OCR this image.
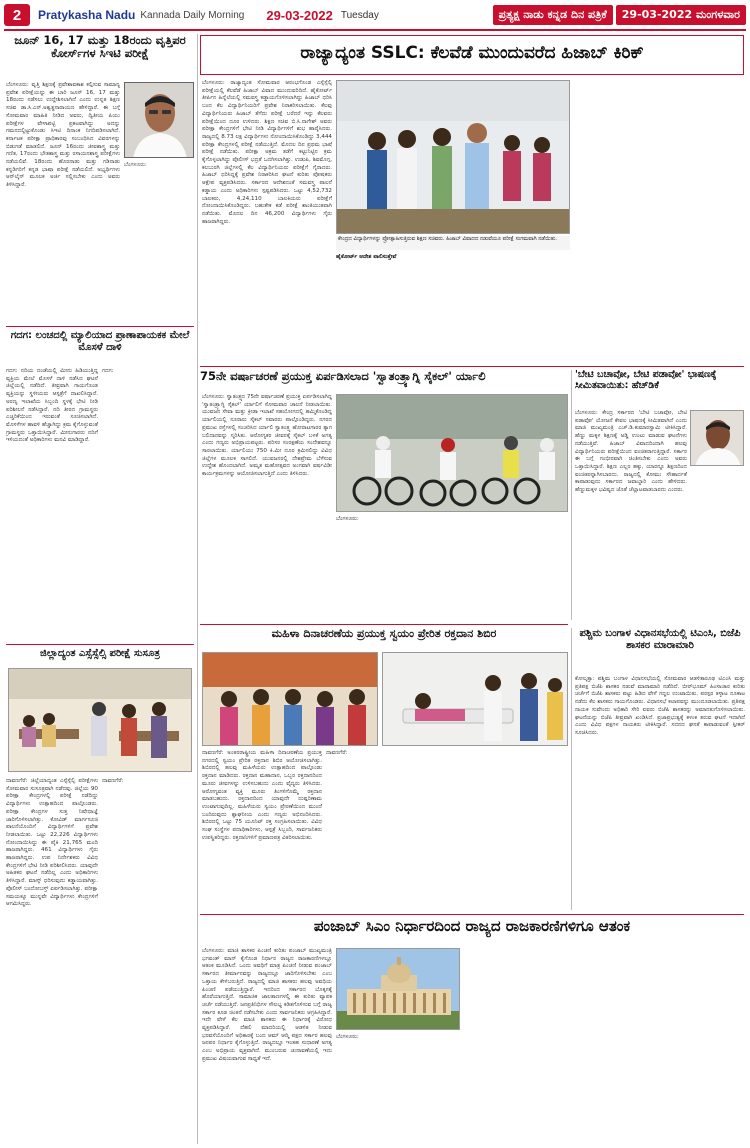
2	Pratykasha Nadu Kannada Daily Morning 29-03-2022 Tuesday	ಪ್ರತ್ಯಕ್ಷ ನಾಡು ಕನ್ನಡ ದಿನ ಪತ್ರಿಕೆ	29-03-2022 ಮಂಗಳವಾರ
ಜೂನ್ 16, 17 ಮತ್ತು 18ರಂದು ವೃತ್ತಿಪರ ಕೋರ್ಸ್‌ಗಳ ಸಿಇಟಿ ಪರೀಕ್ಷೆ
ಬೆಂಗಳೂರು: ವೃತ್ತಿ ಶಿಕ್ಷಣಕ್ಕೆ ಪ್ರವೇಶಾವಕಾಶ ಕಲ್ಪಿಸುವ ಸಾಮಾನ್ಯ ಪ್ರವೇಶ ಪರೀಕ್ಷೆಯನ್ನು ಈ ಬಾರಿ ಜೂನ್ 16, 17 ಮತ್ತು 18ರಂದು ನಡೆಸಲು ಉದ್ದೇಶಿಸಲಾಗಿದೆ ಎಂದು ಉನ್ನತ ಶಿಕ್ಷಣ ಸಚಿವ ಡಾ.ಸಿ.ಎನ್.ಅಶ್ವತ್ಥನಾರಾಯಣ ಹೇಳಿದ್ದಾರೆ. ಈ ಬಗ್ಗೆ ಸೋಮವಾರ ಮಾಹಿತಿ ನೀಡಿದ ಅವರು, ದ್ವಿತೀಯ ಪಿಯು ಪರೀಕ್ಷೆಗಳ ವೇಳಾಪಟ್ಟಿ ಪ್ರಕಟವಾಗಿದ್ದು ಅದನ್ನು ಗಮನದಲ್ಲಿಟ್ಟುಕೊಂಡು ಸಿಇಟಿ ದಿನಾಂಕ ನಿಗದಿಪಡಿಸಲಾಗಿದೆ. ಕರ್ನಾಟಕ ಪರೀಕ್ಷಾ ಪ್ರಾಧಿಕಾರವು ಸಂಬಂಧಿಸಿದ ವಿವರಗಳನ್ನು ಬಿಡುಗಡೆ ಮಾಡಲಿದೆ. ಜೂನ್ 16ರಂದು ಜೀವಶಾಸ್ತ್ರ ಮತ್ತು ಗಣಿತ, 17ರಂದು ಭೌತಶಾಸ್ತ್ರ ಮತ್ತು ರಸಾಯನಶಾಸ್ತ್ರ ಪರೀಕ್ಷೆಗಳು ನಡೆಯಲಿವೆ. 18ರಂದು ಹೊರನಾಡು ಮತ್ತು ಗಡಿನಾಡು ಕನ್ನಡಿಗರಿಗೆ ಕನ್ನಡ ಭಾಷಾ ಪರೀಕ್ಷೆ ನಡೆಯಲಿದೆ. ಅಭ್ಯರ್ಥಿಗಳು ಆನ್‌ಲೈನ್ ಮೂಲಕ ಅರ್ಜಿ ಸಲ್ಲಿಸಬೇಕು ಎಂದು ಅವರು ತಿಳಿಸಿದ್ದಾರೆ.
ಬೆಂಗಳೂರು:
ಗದಗ: ಲಂಚದಲ್ಲಿ ಮ್ಯಾಲಿಯಾದ ಪ್ರಾಣಾಪಾಯಕಕ ಮೇಲೆ ಮೊಸಳೆ ದಾಳಿ
ಗದಗ: ನದಿಯ ದಂಡೆಯಲ್ಲಿ ಮೀನು ಹಿಡಿಯುತ್ತಿದ್ದ ವ್ಯಕ್ತಿಯ ಮೇಲೆ ಮೊಸಳೆ ದಾಳಿ ನಡೆಸಿದ ಘಟನೆ ಜಿಲ್ಲೆಯಲ್ಲಿ ನಡೆದಿದೆ. ತೀವ್ರವಾಗಿ ಗಾಯಗೊಂಡ ವ್ಯಕ್ತಿಯನ್ನು ಸ್ಥಳೀಯರು ಆಸ್ಪತ್ರೆಗೆ ದಾಖಲಿಸಿದ್ದಾರೆ. ಅರಣ್ಯ ಇಲಾಖೆಯ ಸಿಬ್ಬಂದಿ ಸ್ಥಳಕ್ಕೆ ಭೇಟಿ ನೀಡಿ ಪರಿಶೀಲನೆ ನಡೆಸಿದ್ದಾರೆ. ನದಿ ತೀರದ ಗ್ರಾಮಸ್ಥರು ಎಚ್ಚರಿಕೆಯಿಂದ ಇರುವಂತೆ ಸೂಚಿಸಲಾಗಿದೆ. ಮೊಸಳೆಗಳ ಹಾವಳಿ ಹೆಚ್ಚಾಗಿದ್ದು ಕ್ರಮ ಕೈಗೊಳ್ಳುವಂತೆ ಗ್ರಾಮಸ್ಥರು ಒತ್ತಾಯಿಸಿದ್ದಾರೆ. ಮೀನುಗಾರರು ನದಿಗೆ ಇಳಿಯದಂತೆ ಅಧಿಕಾರಿಗಳು ಮನವಿ ಮಾಡಿದ್ದಾರೆ.
ಗದಗ:
ಜಿಲ್ಲಾದ್ಯಂತ ಎಸ್ಸೆಸ್ಸೆಲ್ಸಿ ಪರೀಕ್ಷೆ ಸುಸೂತ್ರ
ದಾವಣಗೆರೆ: ಜಿಲ್ಲೆಯಾದ್ಯಂತ ಎಸ್ಸೆಸ್ಸೆಲ್ಸಿ ಪರೀಕ್ಷೆಗಳು ಸೋಮವಾರ ಸುಸೂತ್ರವಾಗಿ ನಡೆದವು. ಜಿಲ್ಲೆಯ 90 ಪರೀಕ್ಷಾ ಕೇಂದ್ರಗಳಲ್ಲಿ ಪರೀಕ್ಷೆ ನಡೆದಿದ್ದು ವಿದ್ಯಾರ್ಥಿಗಳು ಉತ್ಸಾಹದಿಂದ ಪಾಲ್ಗೊಂಡರು. ಪರೀಕ್ಷಾ ಕೇಂದ್ರಗಳ ಸುತ್ತ ನಿಷೇಧಾಜ್ಞೆ ಜಾರಿಗೊಳಿಸಲಾಗಿತ್ತು. ಕೋವಿಡ್ ಮಾರ್ಗಸೂಚಿ ಪಾಲನೆಯೊಂದಿಗೆ ವಿದ್ಯಾರ್ಥಿಗಳಿಗೆ ಪ್ರವೇಶ ನೀಡಲಾಯಿತು. ಒಟ್ಟು 22,226 ವಿದ್ಯಾರ್ಥಿಗಳು ನೋಂದಾಯಿಸಿದ್ದು ಈ ಪೈಕಿ 21,765 ಮಂದಿ ಹಾಜರಾಗಿದ್ದರು. 461 ವಿದ್ಯಾರ್ಥಿಗಳು ಗೈರು ಹಾಜರಾಗಿದ್ದರು. ಉಪ ನಿರ್ದೇಶಕರು ವಿವಿಧ ಕೇಂದ್ರಗಳಿಗೆ ಭೇಟಿ ನೀಡಿ ಪರಿಶೀಲಿಸಿದರು. ಯಾವುದೇ ಅಹಿತಕರ ಘಟನೆ ನಡೆದಿಲ್ಲ ಎಂದು ಅಧಿಕಾರಿಗಳು ತಿಳಿಸಿದ್ದಾರೆ. ಮಾಸ್ಕ್ ಧರಿಸುವುದು ಕಡ್ಡಾಯವಾಗಿತ್ತು. ಪೊಲೀಸ್ ಬಂದೋಬಸ್ತ್ ಏರ್ಪಡಿಸಲಾಗಿತ್ತು. ಪರೀಕ್ಷಾ ಸಮಯಕ್ಕೂ ಮುನ್ನವೇ ವಿದ್ಯಾರ್ಥಿಗಳು ಕೇಂದ್ರಗಳಿಗೆ ಆಗಮಿಸಿದ್ದರು.
ದಾವಣಗೆರೆ:
ರಾಜ್ಯಾದ್ಯಂತ SSLC: ಕೆಲವೆಡೆ ಮುಂದುವರೆದ ಹಿಜಾಬ್ ಕಿರಿಕ್
ಬೆಂಗಳೂರು: ರಾಜ್ಯಾದ್ಯಂತ ಸೋಮವಾರ ಆರಂಭಗೊಂಡ ಎಸ್ಸೆಸ್ಸೆಲ್ಸಿ ಪರೀಕ್ಷೆಯಲ್ಲಿ ಕೆಲವೆಡೆ ಹಿಜಾಬ್ ವಿವಾದ ಮುಂದುವರಿದಿದೆ. ಹೈಕೋರ್ಟ್ ತೀರ್ಪಿನ ಹಿನ್ನೆಲೆಯಲ್ಲಿ ಸಮವಸ್ತ್ರ ಕಡ್ಡಾಯಗೊಳಿಸಲಾಗಿದ್ದು ಹಿಜಾಬ್ ಧರಿಸಿ ಬಂದ ಕೆಲ ವಿದ್ಯಾರ್ಥಿನಿಯರಿಗೆ ಪ್ರವೇಶ ನಿರಾಕರಿಸಲಾಯಿತು. ಕೆಲವು ವಿದ್ಯಾರ್ಥಿನಿಯರು ಹಿಜಾಬ್ ತೆಗೆದು ಪರೀಕ್ಷೆ ಬರೆದರೆ ಇನ್ನು ಕೆಲವರು ಪರೀಕ್ಷೆಯಿಂದ ದೂರ ಉಳಿದರು. ಶಿಕ್ಷಣ ಸಚಿವ ಬಿ.ಸಿ.ನಾಗೇಶ್ ಅವರು ಪರೀಕ್ಷಾ ಕೇಂದ್ರಗಳಿಗೆ ಭೇಟಿ ನೀಡಿ ವಿದ್ಯಾರ್ಥಿಗಳಿಗೆ ಶುಭ ಹಾರೈಸಿದರು. ರಾಜ್ಯದಲ್ಲಿ 8.73 ಲಕ್ಷ ವಿದ್ಯಾರ್ಥಿಗಳು ನೋಂದಾಯಿಸಿಕೊಂಡಿದ್ದು 3,444 ಪರೀಕ್ಷಾ ಕೇಂದ್ರಗಳಲ್ಲಿ ಪರೀಕ್ಷೆ ನಡೆಯುತ್ತಿದೆ. ಮೊದಲ ದಿನ ಪ್ರಥಮ ಭಾಷೆ ಪರೀಕ್ಷೆ ನಡೆಯಿತು. ಪರೀಕ್ಷಾ ಅಕ್ರಮ ತಡೆಗೆ ಕಟ್ಟುನಿಟ್ಟಿನ ಕ್ರಮ ಕೈಗೊಳ್ಳಲಾಗಿದ್ದು ಪೊಲೀಸ್ ಭದ್ರತೆ ಒದಗಿಸಲಾಗಿತ್ತು. ಉಡುಪಿ, ಶಿವಮೊಗ್ಗ, ಕಲಬುರಗಿ ಜಿಲ್ಲೆಗಳಲ್ಲಿ ಕೆಲ ವಿದ್ಯಾರ್ಥಿನಿಯರು ಪರೀಕ್ಷೆಗೆ ಗೈರಾದರು. ಹಿಜಾಬ್ ಧರಿಸಿದ್ದಕ್ಕೆ ಪ್ರವೇಶ ನಿರಾಕರಿಸಿದ ಘಟನೆ ಕುರಿತು ಪೋಷಕರು ಆಕ್ಷೇಪ ವ್ಯಕ್ತಪಡಿಸಿದರು. ಸರ್ಕಾರದ ಆದೇಶದಂತೆ ಸಮವಸ್ತ್ರ ಪಾಲನೆ ಕಡ್ಡಾಯ ಎಂದು ಅಧಿಕಾರಿಗಳು ಸ್ಪಷ್ಟಪಡಿಸಿದರು. ಒಟ್ಟು 4,52,732 ಬಾಲಕರು, 4,24,110 ಬಾಲಕಿಯರು ಪರೀಕ್ಷೆಗೆ ನೋಂದಾಯಿಸಿಕೊಂಡಿದ್ದರು. ಬಹುತೇಕ ಕಡೆ ಪರೀಕ್ಷೆ ಶಾಂತಿಯುತವಾಗಿ ನಡೆಯಿತು. ಮೊದಲ ದಿನ 46,200 ವಿದ್ಯಾರ್ಥಿಗಳು ಗೈರು ಹಾಜರಾಗಿದ್ದರು.
ಕೇಂದ್ರದ ವಿದ್ಯಾರ್ಥಿಗಳನ್ನು ಪ್ರೋತ್ಸಾಹಿಸುತ್ತಿರುವ ಶಿಕ್ಷಣ ಸಚಿವರು. ಹಿಜಾಬ್ ವಿವಾದದ ನಡುವೆಯೂ ಪರೀಕ್ಷೆ ಸುಗಮವಾಗಿ ನಡೆಯಿತು.
ಹೈಕೋರ್ಟ್ ಆದೇಶ ಪಾಲಿಸುತ್ತೇವೆ
75ನೇ ವರ್ಷಾಚರಣೆ ಪ್ರಯುಕ್ತ ಏರ್ಪಡಿಸಲಾದ 'ಸ್ವಾತಂತ್ರ್ಯಾಗ್ನಿ ಸೈಕಲ್' ರ್ಯಾಲಿ
ಬೆಂಗಳೂರು: ಸ್ವಾತಂತ್ರ್ಯದ 75ನೇ ವರ್ಷಾಚರಣೆ ಪ್ರಯುಕ್ತ ಏರ್ಪಡಿಸಲಾಗಿದ್ದ 'ಸ್ವಾತಂತ್ರ್ಯಾಗ್ನಿ ಸೈಕಲ್' ರ್ಯಾಲಿಗೆ ಸೋಮವಾರ ಚಾಲನೆ ನೀಡಲಾಯಿತು. ಯುವಜನ ಸೇವಾ ಮತ್ತು ಕ್ರೀಡಾ ಇಲಾಖೆ ಸಹಯೋಗದಲ್ಲಿ ಹಮ್ಮಿಕೊಂಡಿದ್ದ ರ್ಯಾಲಿಯಲ್ಲಿ ನೂರಾರು ಸೈಕಲ್ ಸವಾರರು ಪಾಲ್ಗೊಂಡಿದ್ದರು. ನಗರದ ಪ್ರಮುಖ ರಸ್ತೆಗಳಲ್ಲಿ ಸಂಚರಿಸಿದ ರ್ಯಾಲಿ ಸ್ವಾತಂತ್ರ್ಯ ಹೋರಾಟಗಾರರ ತ್ಯಾಗ ಬಲಿದಾನವನ್ನು ಸ್ಮರಿಸಿತು. ಆರೋಗ್ಯಕರ ಜೀವನಕ್ಕೆ ಸೈಕಲ್ ಬಳಕೆ ಅಗತ್ಯ ಎಂದು ಗಣ್ಯರು ಅಭಿಪ್ರಾಯಪಟ್ಟರು. ಪರಿಸರ ಸಂರಕ್ಷಣೆಯ ಸಂದೇಶವನ್ನೂ ಸಾರಲಾಯಿತು. ರ್ಯಾಲಿಯು 750 ಕಿ.ಮೀ ದೂರ ಕ್ರಮಿಸಲಿದ್ದು ವಿವಿಧ ಜಿಲ್ಲೆಗಳ ಮೂಲಕ ಸಾಗಲಿದೆ. ಯುವಜನರಲ್ಲಿ ದೇಶಪ್ರೇಮ ಬೆಳೆಸುವ ಉದ್ದೇಶ ಹೊಂದಲಾಗಿದೆ. ಅಮೃತ ಮಹೋತ್ಸವದ ಅಂಗವಾಗಿ ವರ್ಷವಿಡೀ ಕಾರ್ಯಕ್ರಮಗಳನ್ನು ಆಯೋಜಿಸಲಾಗುತ್ತಿದೆ ಎಂದು ತಿಳಿಸಿದರು.
ಬೆಂಗಳೂರು:
'ಬೇಟಿ ಬಚಾವೋ, ಬೇಟಿ ಪಡಾವೋ' ಭಾಷಣಕ್ಕೆ ಸೀಮಿತವಾಯಿತು: ಹೆಚ್‌ಡಿಕೆ
ಬೆಂಗಳೂರು: ಕೇಂದ್ರ ಸರ್ಕಾರದ 'ಬೇಟಿ ಬಚಾವೋ, ಬೇಟಿ ಪಡಾವೋ' ಯೋಜನೆ ಕೇವಲ ಭಾಷಣಕ್ಕೆ ಸೀಮಿತವಾಗಿದೆ ಎಂದು ಮಾಜಿ ಮುಖ್ಯಮಂತ್ರಿ ಎಚ್.ಡಿ.ಕುಮಾರಸ್ವಾಮಿ ಟೀಕಿಸಿದ್ದಾರೆ. ಹೆಣ್ಣು ಮಕ್ಕಳ ಶಿಕ್ಷಣಕ್ಕೆ ಅಡ್ಡಿ ಉಂಟು ಮಾಡುವ ಘಟನೆಗಳು ನಡೆಯುತ್ತಿವೆ. ಹಿಜಾಬ್ ವಿವಾದದಿಂದಾಗಿ ಹಲವು ವಿದ್ಯಾರ್ಥಿನಿಯರು ಪರೀಕ್ಷೆಯಿಂದ ವಂಚಿತರಾಗುತ್ತಿದ್ದಾರೆ. ಸರ್ಕಾರ ಈ ಬಗ್ಗೆ ಗಂಭೀರವಾಗಿ ಚಿಂತಿಸಬೇಕು ಎಂದು ಅವರು ಒತ್ತಾಯಿಸಿದ್ದಾರೆ. ಶಿಕ್ಷಣ ಎಲ್ಲರ ಹಕ್ಕು, ಯಾರನ್ನೂ ಶಿಕ್ಷಣದಿಂದ ವಂಚಿತರನ್ನಾಗಿಸಬಾರದು. ರಾಜ್ಯದಲ್ಲಿ ಕೋಮು ಸೌಹಾರ್ದತೆ ಕಾಪಾಡುವುದು ಸರ್ಕಾರದ ಜವಾಬ್ದಾರಿ ಎಂದು ಹೇಳಿದರು. ಹೆಣ್ಣುಮಕ್ಕಳ ಭವಿಷ್ಯದ ಜೊತೆ ಚೆಲ್ಲಾಟವಾಡಬಾರದು ಎಂದರು.
ಮಹಿಳಾ ದಿನಾಚರಣೆಯ ಪ್ರಯುಕ್ತ ಸ್ವಯಂ ಪ್ರೇರಿತ ರಕ್ತದಾನ ಶಿಬಿರ
ದಾವಣಗೆರೆ: ಅಂತರರಾಷ್ಟ್ರೀಯ ಮಹಿಳಾ ದಿನಾಚರಣೆಯ ಪ್ರಯುಕ್ತ ನಗರದಲ್ಲಿ ಸ್ವಯಂ ಪ್ರೇರಿತ ರಕ್ತದಾನ ಶಿಬಿರ ಆಯೋಜಿಸಲಾಗಿತ್ತು. ಶಿಬಿರದಲ್ಲಿ ಹಲವು ಮಹಿಳೆಯರು ಉತ್ಸಾಹದಿಂದ ಪಾಲ್ಗೊಂಡು ರಕ್ತದಾನ ಮಾಡಿದರು. ರಕ್ತದಾನ ಮಹಾದಾನ, ಒಬ್ಬರ ರಕ್ತದಾನದಿಂದ ಮೂರು ಜೀವಗಳನ್ನು ಉಳಿಸಬಹುದು ಎಂದು ವೈದ್ಯರು ತಿಳಿಸಿದರು. ಆರೋಗ್ಯವಂತ ವ್ಯಕ್ತಿ ಮೂರು ತಿಂಗಳಿಗೊಮ್ಮೆ ರಕ್ತದಾನ ಮಾಡಬಹುದು. ರಕ್ತದಾನದಿಂದ ಯಾವುದೇ ದುಷ್ಪರಿಣಾಮ ಉಂಟಾಗುವುದಿಲ್ಲ. ಮಹಿಳೆಯರು ಸ್ವಯಂ ಪ್ರೇರಣೆಯಿಂದ ಮುಂದೆ ಬಂದಿರುವುದು ಶ್ಲಾಘನೀಯ ಎಂದು ಗಣ್ಯರು ಅಭಿನಂದಿಸಿದರು. ಶಿಬಿರದಲ್ಲಿ ಒಟ್ಟು 75 ಯೂನಿಟ್ ರಕ್ತ ಸಂಗ್ರಹಿಸಲಾಯಿತು. ವಿವಿಧ ಸಂಘ ಸಂಸ್ಥೆಗಳ ಪದಾಧಿಕಾರಿಗಳು, ಆಸ್ಪತ್ರೆ ಸಿಬ್ಬಂದಿ, ಸಾರ್ವಜನಿಕರು ಉಪಸ್ಥಿತರಿದ್ದರು. ರಕ್ತದಾನಿಗಳಿಗೆ ಪ್ರಮಾಣಪತ್ರ ವಿತರಿಸಲಾಯಿತು.
ದಾವಣಗೆರೆ:
ಪಶ್ಚಿಮ ಬಂಗಾಳ ವಿಧಾನಸಭೆಯಲ್ಲಿ ಟಿಎಂಸಿ, ಬಿಜೆಪಿ ಶಾಸಕರ ಮಾರಾಮಾರಿ
ಕೋಲ್ಕತ್ತಾ: ಪಶ್ಚಿಮ ಬಂಗಾಳ ವಿಧಾನಸಭೆಯಲ್ಲಿ ಸೋಮವಾರ ಆಡಳಿತಾರೂಢ ಟಿಎಂಸಿ ಮತ್ತು ಪ್ರತಿಪಕ್ಷ ಬಿಜೆಪಿ ಶಾಸಕರ ನಡುವೆ ಮಾರಾಮಾರಿ ನಡೆದಿದೆ. ಬೀರ್‌ಭೂಮ್ ಹಿಂಸಾಚಾರ ಕುರಿತು ಚರ್ಚೆಗೆ ಬಿಜೆಪಿ ಶಾಸಕರು ಪಟ್ಟು ಹಿಡಿದ ವೇಳೆ ಗದ್ದಲ ಉಂಟಾಯಿತು. ಪರಸ್ಪರ ತಳ್ಳಾಟ ನೂಕಾಟ ನಡೆದು ಕೆಲ ಶಾಸಕರು ಗಾಯಗೊಂಡರು. ವಿಧಾನಸಭೆ ಕಲಾಪವನ್ನು ಮುಂದೂಡಲಾಯಿತು. ಪ್ರತಿಪಕ್ಷ ನಾಯಕ ಸುವೇಂದು ಅಧಿಕಾರಿ ಸೇರಿ ಐವರು ಬಿಜೆಪಿ ಶಾಸಕರನ್ನು ಅಮಾನತುಗೊಳಿಸಲಾಯಿತು. ಘಟನೆಯನ್ನು ಬಿಜೆಪಿ ತೀವ್ರವಾಗಿ ಖಂಡಿಸಿದೆ. ಪ್ರಜಾಪ್ರಭುತ್ವಕ್ಕೆ ಕಳಂಕ ತರುವ ಘಟನೆ ಇದಾಗಿದೆ ಎಂದು ವಿವಿಧ ಪಕ್ಷಗಳ ನಾಯಕರು ಟೀಕಿಸಿದ್ದಾರೆ. ಸದನದ ಘನತೆ ಕಾಪಾಡುವಂತೆ ಸ್ಪೀಕರ್ ಸೂಚಿಸಿದರು.
ಪಂಜಾಬ್ ಸಿಎಂ ನಿರ್ಧಾರದಿಂದ ರಾಜ್ಯದ ರಾಜಕಾರಣಿಗಳಿಗೂ ಆತಂಕ
ಬೆಂಗಳೂರು: ಮಾಜಿ ಶಾಸಕರ ಪಿಂಚಣಿ ಕುರಿತು ಪಂಜಾಬ್ ಮುಖ್ಯಮಂತ್ರಿ ಭಗವಂತ್ ಮಾನ್ ಕೈಗೊಂಡ ನಿರ್ಧಾರ ರಾಜ್ಯದ ರಾಜಕಾರಣಿಗಳಲ್ಲೂ ಆತಂಕ ಮೂಡಿಸಿದೆ. ಒಂದು ಅವಧಿಗೆ ಮಾತ್ರ ಪಿಂಚಣಿ ನೀಡುವ ಪಂಜಾಬ್ ಸರ್ಕಾರದ ತೀರ್ಮಾನವನ್ನು ರಾಜ್ಯದಲ್ಲೂ ಜಾರಿಗೊಳಿಸಬೇಕು ಎಂಬ ಒತ್ತಾಯ ಕೇಳಿಬರುತ್ತಿದೆ. ರಾಜ್ಯದಲ್ಲಿ ಮಾಜಿ ಶಾಸಕರು ಹಲವು ಅವಧಿಯ ಪಿಂಚಣಿ ಪಡೆಯುತ್ತಿದ್ದಾರೆ. ಇದರಿಂದ ಸರ್ಕಾರದ ಬೊಕ್ಕಸಕ್ಕೆ ಹೊರೆಯಾಗುತ್ತಿದೆ. ಸಾಮಾಜಿಕ ಜಾಲತಾಣಗಳಲ್ಲಿ ಈ ಕುರಿತು ವ್ಯಾಪಕ ಚರ್ಚೆ ನಡೆಯುತ್ತಿದೆ. ಜನಪ್ರತಿನಿಧಿಗಳ ಸೌಲಭ್ಯ ಕಡಿತಗೊಳಿಸುವ ಬಗ್ಗೆ ರಾಜ್ಯ ಸರ್ಕಾರ ಕೂಡ ಚಿಂತನೆ ನಡೆಸಬೇಕು ಎಂದು ಸಾರ್ವಜನಿಕರು ಆಗ್ರಹಿಸಿದ್ದಾರೆ. ಇದೇ ವೇಳೆ ಕೆಲ ಮಾಜಿ ಶಾಸಕರು ಈ ನಿರ್ಧಾರಕ್ಕೆ ವಿರೋಧ ವ್ಯಕ್ತಪಡಿಸಿದ್ದಾರೆ. ದೆಹಲಿ ಮಾದರಿಯಲ್ಲಿ ಆಡಳಿತ ನೀಡುವ ಭರವಸೆಯೊಂದಿಗೆ ಅಧಿಕಾರಕ್ಕೆ ಬಂದ ಆಮ್ ಆದ್ಮಿ ಪಕ್ಷದ ಸರ್ಕಾರ ಹಲವು ಜನಪರ ನಿರ್ಧಾರ ಕೈಗೊಳ್ಳುತ್ತಿದೆ. ರಾಜ್ಯದಲ್ಲೂ ಇಂತಹ ಸುಧಾರಣೆ ಅಗತ್ಯ ಎಂಬ ಅಭಿಪ್ರಾಯ ವ್ಯಕ್ತವಾಗಿದೆ. ಮುಂಬರುವ ಚುನಾವಣೆಯಲ್ಲಿ ಇದು ಪ್ರಮುಖ ವಿಷಯವಾಗುವ ಸಾಧ್ಯತೆ ಇದೆ.
ಬೆಂಗಳೂರು:
